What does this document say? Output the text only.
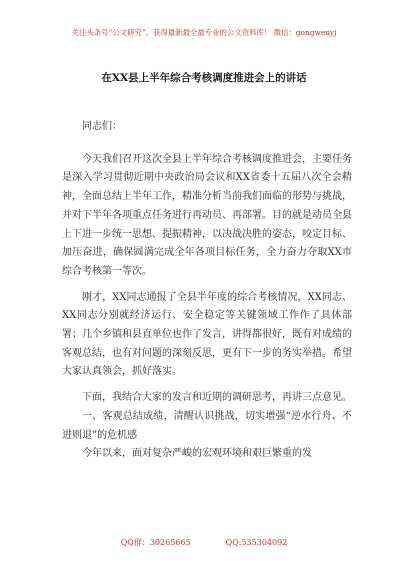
关注头条号“公文研究”，获得最新最全最专业的公文资料库！ 微信：gongwenyj
在XX县上半年综合考核调度推进会上的讲话

同志们：

今天我们召开这次全县上半年综合考核调度推进会，主要任务是深入学习贯彻近期中央政治局会议和XX省委十五届八次全会精神，全面总结上半年工作，精准分析当前我们面临的形势与挑战，并对下半年各项重点任务进行再动员、再部署。目的就是动员全县上下进一步统一思想、提振精神，以决战决胜的姿态，咬定目标、加压奋进，确保圆满完成全年各项目标任务，全力奋力夺取XX市综合考核第一等次。

刚才，XX同志通报了全县半年度的综合考核情况，XX同志、XX同志分别就经济运行、安全稳定等关键领域工作作了具体部署；几个乡镇和县直单位也作了发言，讲得都很好，既有对成绩的客观总结，也有对问题的深刻反思，更有下一步的务实举措。希望大家认真领会，抓好落实。

下面，我结合大家的发言和近期的调研思考，再讲三点意见。

一、客观总结成绩，清醒认识挑战，切实增强“逆水行舟、不进则退”的危机感

今年以来，面对复杂严峻的宏观环境和艰巨繁重的发

QQ群：30265665	QQ:535304092
